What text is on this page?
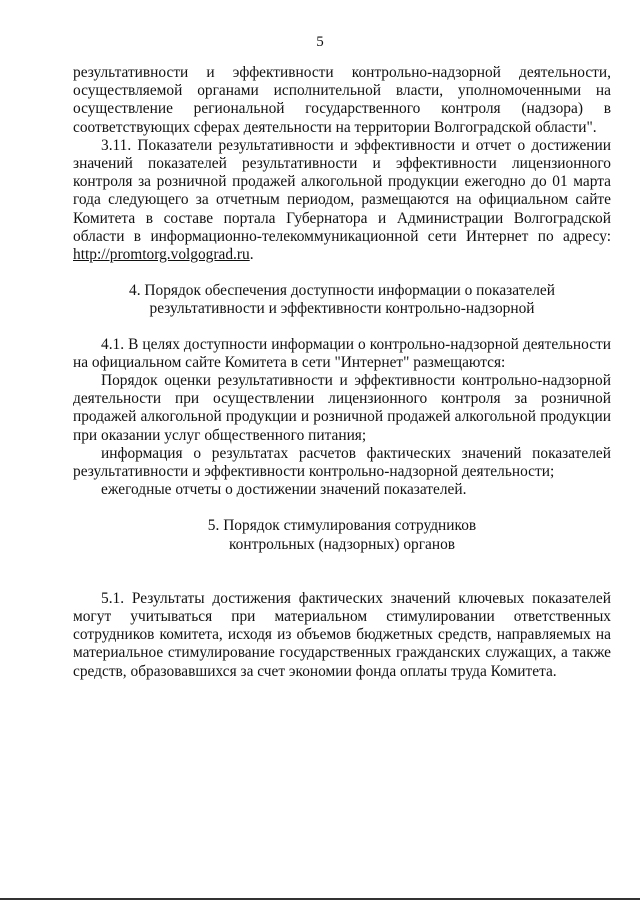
5

результативности и эффективности контрольно-надзорной деятельности, осуществляемой органами исполнительной власти, уполномоченными на осуществление региональной государственного контроля (надзора) в соответствующих сферах деятельности на территории Волгоградской области".

3.11. Показатели результативности и эффективности и отчет о достижении значений показателей результативности и эффективности лицензионного контроля за розничной продажей алкогольной продукции ежегодно до 01 марта года следующего за отчетным периодом, размещаются на официальном сайте Комитета в составе портала Губернатора и Администрации Волгоградской области в информационно-телекоммуникационной сети Интернет по адресу: http://promtorg.volgograd.ru.

4. Порядок обеспечения доступности информации о показателей
результативности и эффективности контрольно-надзорной

4.1. В целях доступности информации о контрольно-надзорной деятельности на официальном сайте Комитета в сети "Интернет" размещаются:

Порядок оценки результативности и эффективности контрольно-надзорной деятельности при осуществлении лицензионного контроля за розничной продажей алкогольной продукции и розничной продажей алкогольной продукции при оказании услуг общественного питания;

информация о результатах расчетов фактических значений показателей результативности и эффективности контрольно-надзорной деятельности;

ежегодные отчеты о достижении значений показателей.

5. Порядок стимулирования сотрудников
контрольных (надзорных) органов

5.1. Результаты достижения фактических значений ключевых показателей могут учитываться при материальном стимулировании ответственных сотрудников комитета, исходя из объемов бюджетных средств, направляемых на материальное стимулирование государственных гражданских служащих, а также средств, образовавшихся за счет экономии фонда оплаты труда Комитета.
